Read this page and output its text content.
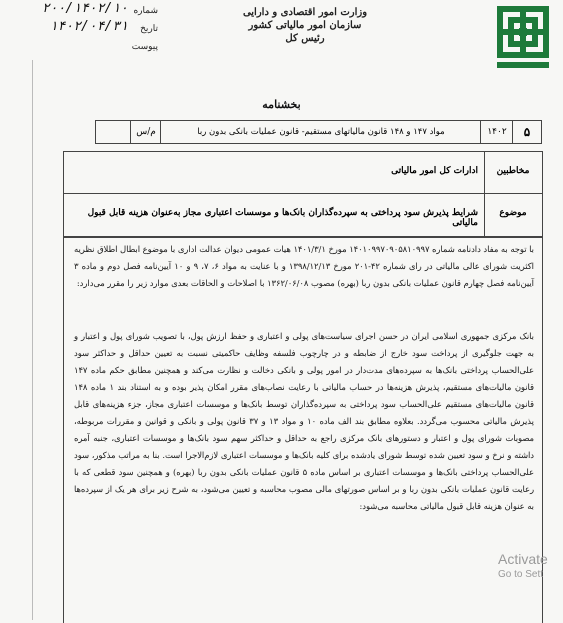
وزارت امور اقتصادی و دارایی
سازمان امور مالیاتی کشور
رئیس کل
شماره
۲۰۰/۱۴۰۲/۱۰
تاریخ
۱۴۰۲/۰۴/۳۱
پیوست
بخشنامه
۵
۱۴۰۲
مواد ۱۴۷ و ۱۴۸ قانون مالیاتهای مستقیم- قانون عملیات بانکی بدون ربا
م/س
مخاطبین
ادارات کل امور مالیاتی
موضوع
شرایط پذیرش سود پرداختی به سپرده‌گذاران بانک‌ها و موسسات اعتباری مجاز به‌عنوان هزینه قابل قبول مالیاتی
با توجه به مفاد دادنامه شماره ۱۴۰۱۰۹۹۷۰۹۰۵۸۱۰۹۹۷ مورخ ۱۴۰۱/۳/۱ هیات عمومی دیوان عدالت اداری با موضوع ابطال اطلاق نظریه اکثریت شورای عالی مالیاتی در رای شماره ۴۲-۲۰۱ مورخ ۱۳۹۸/۱۲/۱۳ و با عنایت به مواد ۶، ۷، ۹ و ۱۰ آیین‌نامه فصل دوم و ماده ۳ آیین‌نامه فصل چهارم قانون عملیات بانکی بدون ربا (بهره) مصوب ۱۳۶۲/۰۶/۰۸ با اصلاحات و الحاقات بعدی موارد زیر را مقرر می‌دارد:
بانک مرکزی جمهوری اسلامی ایران در حسن اجرای سیاست‌های پولی و اعتباری و حفظ ارزش پول، با تصویب شورای پول و اعتبار و به جهت جلوگیری از پرداخت سود خارج از ضابطه و در چارچوب فلسفه وظایف حاکمیتی نسبت به تعیین حداقل و حداکثر سود علی‌الحساب پرداختی بانک‌ها به سپرده‌های مدت‌دار در امور پولی و بانکی دخالت و نظارت می‌کند و همچنین مطابق حکم ماده ۱۴۷ قانون مالیات‌های مستقیم، پذیرش هزینه‌ها در حساب مالیاتی با رعایت نصاب‌های مقرر امکان پذیر بوده و به استناد بند ۱ ماده ۱۴۸ قانون مالیات‌های مستقیم علی‌الحساب سود پرداختی به سپرده‌گذاران توسط بانک‌ها و موسسات اعتباری مجاز، جزء هزینه‌های قابل پذیرش مالیاتی محسوب می‌گردد. بعلاوه مطابق بند الف ماده ۱۰ و مواد ۱۳ و ۳۷ قانون پولی و بانکی و قوانین و مقررات مربوطه، مصوبات شورای پول و اعتبار و دستورهای بانک مرکزی راجع به حداقل و حداکثر سهم سود بانک‌ها و موسسات اعتباری، جنبه آمره داشته و نرخ و سود تعیین شده توسط شورای یادشده برای کلیه بانک‌ها و موسسات اعتباری لازم‌الاجرا است. بنا به مراتب مذکور، سود علی‌الحساب پرداختی بانک‌ها و موسسات اعتباری بر اساس ماده ۵ قانون عملیات بانکی بدون ربا (بهره) و همچنین سود قطعی که با رعایت قانون عملیات بانکی بدون ربا و بر اساس صورتهای مالی مصوب محاسبه و تعیین می‌شود، به شرح زیر برای هر یک از سپرده‌ها به عنوان هزینه قابل قبول مالیاتی محاسبه می‌شود:
Activate
Go to Sett
